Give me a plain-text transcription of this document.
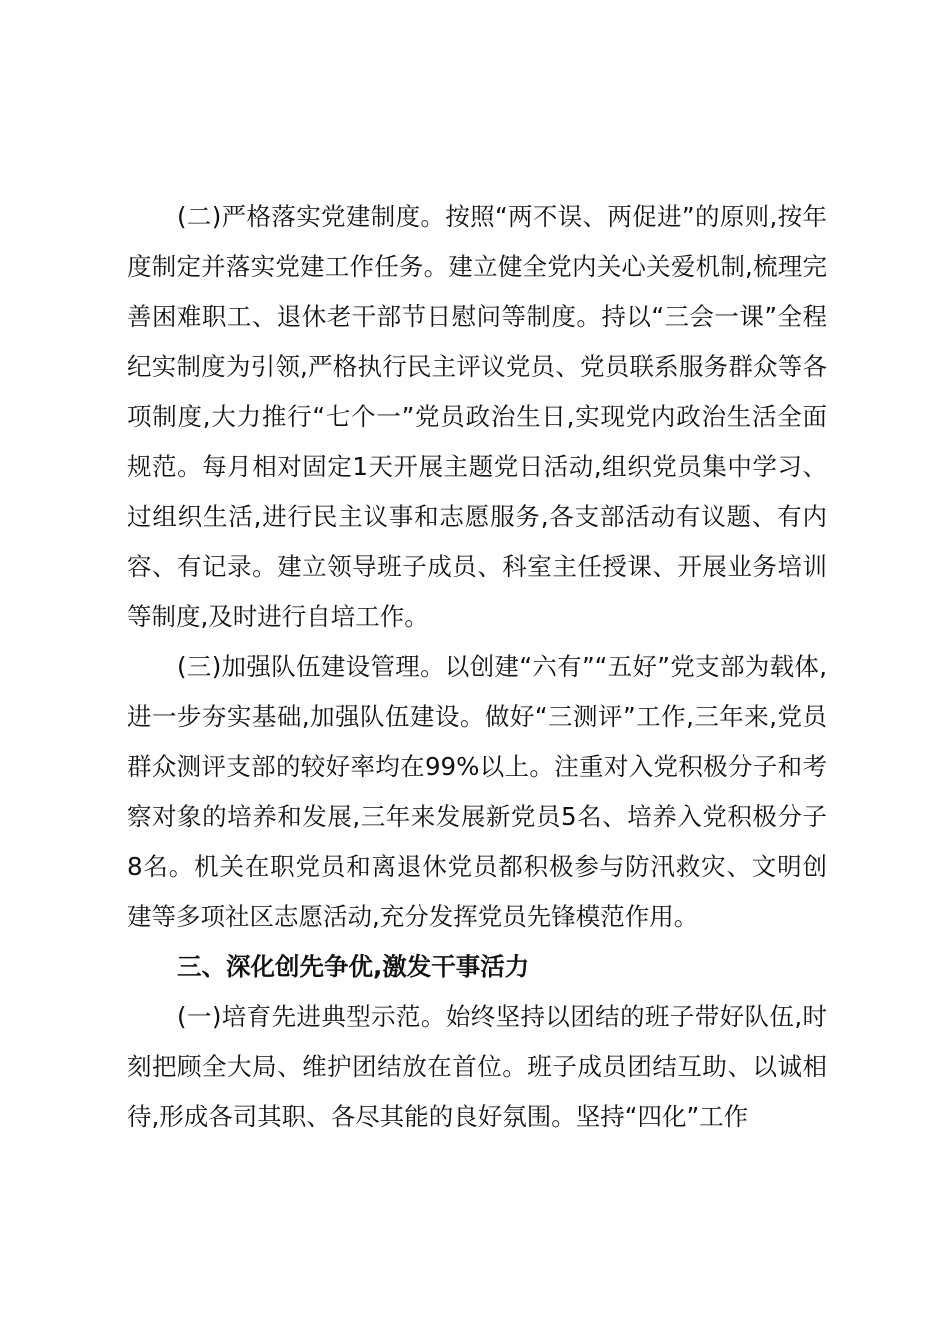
(二)严格落实党建制度。按照“两不误、两促进”的原则,按年度制定并落实党建工作任务。建立健全党内关心关爱机制,梳理完善困难职工、退休老干部节日慰问等制度。持以“三会一课”全程纪实制度为引领,严格执行民主评议党员、党员联系服务群众等各项制度,大力推行“七个一”党员政治生日,实现党内政治生活全面规范。每月相对固定1天开展主题党日活动,组织党员集中学习、过组织生活,进行民主议事和志愿服务,各支部活动有议题、有内容、有记录。建立领导班子成员、科室主任授课、开展业务培训等制度,及时进行自培工作。

(三)加强队伍建设管理。以创建“六有”“五好”党支部为载体,进一步夯实基础,加强队伍建设。做好“三测评”工作,三年来,党员群众测评支部的较好率均在99%以上。注重对入党积极分子和考察对象的培养和发展,三年来发展新党员5名、培养入党积极分子8名。机关在职党员和离退休党员都积极参与防汛救灾、文明创建等多项社区志愿活动,充分发挥党员先锋模范作用。

三、深化创先争优,激发干事活力

(一)培育先进典型示范。始终坚持以团结的班子带好队伍,时刻把顾全大局、维护团结放在首位。班子成员团结互助、以诚相待,形成各司其职、各尽其能的良好氛围。坚持“四化”工作
